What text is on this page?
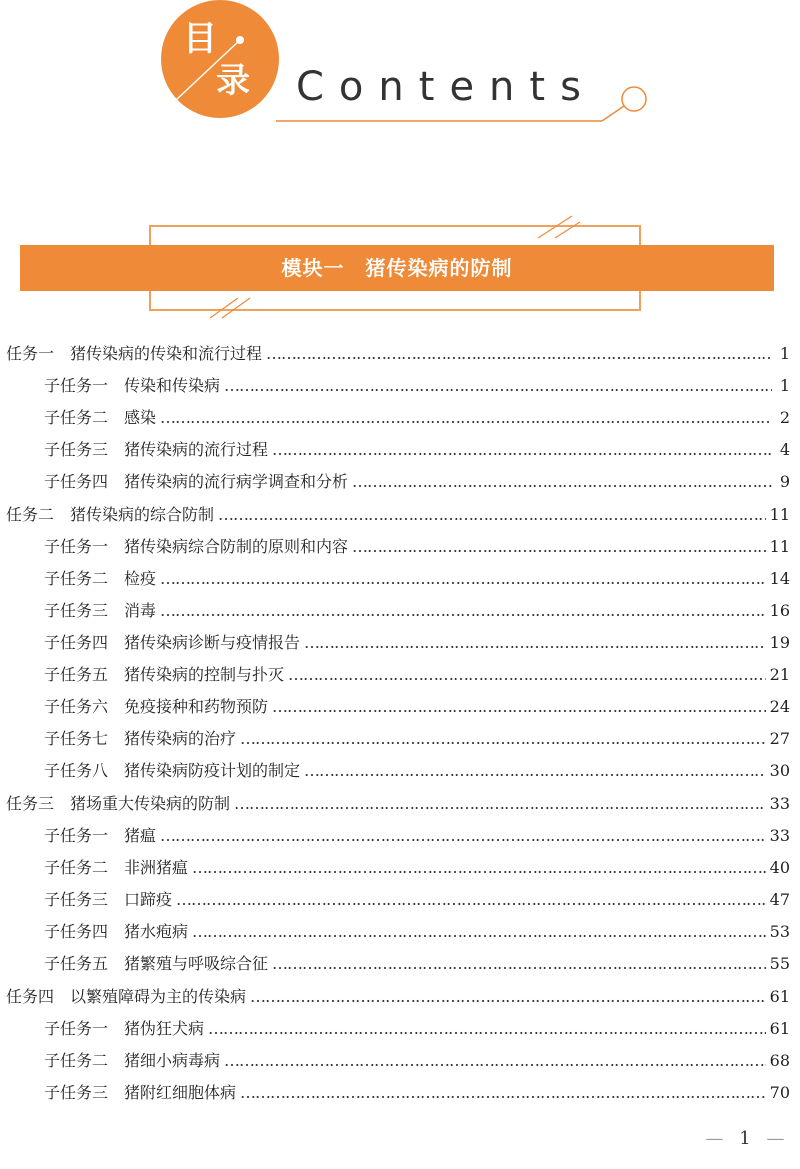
目
录 Contents
模块一　猪传染病的防制
任务一　猪传染病的传染和流行过程 ……………………………………………………………………………………………………………………………………………………………………………………………………………………………………………………	1
子任务一　传染和传染病 ……………………………………………………………………………………………………………………………………………………………………………………………………………………………………………………	1
子任务二　感染 ……………………………………………………………………………………………………………………………………………………………………………………………………………………………………………………	2
子任务三　猪传染病的流行过程 ……………………………………………………………………………………………………………………………………………………………………………………………………………………………………………………	4
子任务四　猪传染病的流行病学调查和分析 ……………………………………………………………………………………………………………………………………………………………………………………………………………………………………………………	9
任务二　猪传染病的综合防制 ……………………………………………………………………………………………………………………………………………………………………………………………………………………………………………………	11
子任务一　猪传染病综合防制的原则和内容 ……………………………………………………………………………………………………………………………………………………………………………………………………………………………………………………	11
子任务二　检疫 ……………………………………………………………………………………………………………………………………………………………………………………………………………………………………………………	14
子任务三　消毒 ……………………………………………………………………………………………………………………………………………………………………………………………………………………………………………………	16
子任务四　猪传染病诊断与疫情报告 ……………………………………………………………………………………………………………………………………………………………………………………………………………………………………………………	19
子任务五　猪传染病的控制与扑灭 ……………………………………………………………………………………………………………………………………………………………………………………………………………………………………………………	21
子任务六　免疫接种和药物预防 ……………………………………………………………………………………………………………………………………………………………………………………………………………………………………………………	24
子任务七　猪传染病的治疗 ……………………………………………………………………………………………………………………………………………………………………………………………………………………………………………………	27
子任务八　猪传染病防疫计划的制定 ……………………………………………………………………………………………………………………………………………………………………………………………………………………………………………………	30
任务三　猪场重大传染病的防制 ……………………………………………………………………………………………………………………………………………………………………………………………………………………………………………………	33
子任务一　猪瘟 ……………………………………………………………………………………………………………………………………………………………………………………………………………………………………………………	33
子任务二　非洲猪瘟 ……………………………………………………………………………………………………………………………………………………………………………………………………………………………………………………	40
子任务三　口蹄疫 ……………………………………………………………………………………………………………………………………………………………………………………………………………………………………………………	47
子任务四　猪水疱病 ……………………………………………………………………………………………………………………………………………………………………………………………………………………………………………………	53
子任务五　猪繁殖与呼吸综合征 ……………………………………………………………………………………………………………………………………………………………………………………………………………………………………………………	55
任务四　以繁殖障碍为主的传染病 ……………………………………………………………………………………………………………………………………………………………………………………………………………………………………………………	61
子任务一　猪伪狂犬病 ……………………………………………………………………………………………………………………………………………………………………………………………………………………………………………………	61
子任务二　猪细小病毒病 ……………………………………………………………………………………………………………………………………………………………………………………………………………………………………………………	68
子任务三　猪附红细胞体病 ……………………………………………………………………………………………………………………………………………………………………………………………………………………………………………………	70
— 1 —
